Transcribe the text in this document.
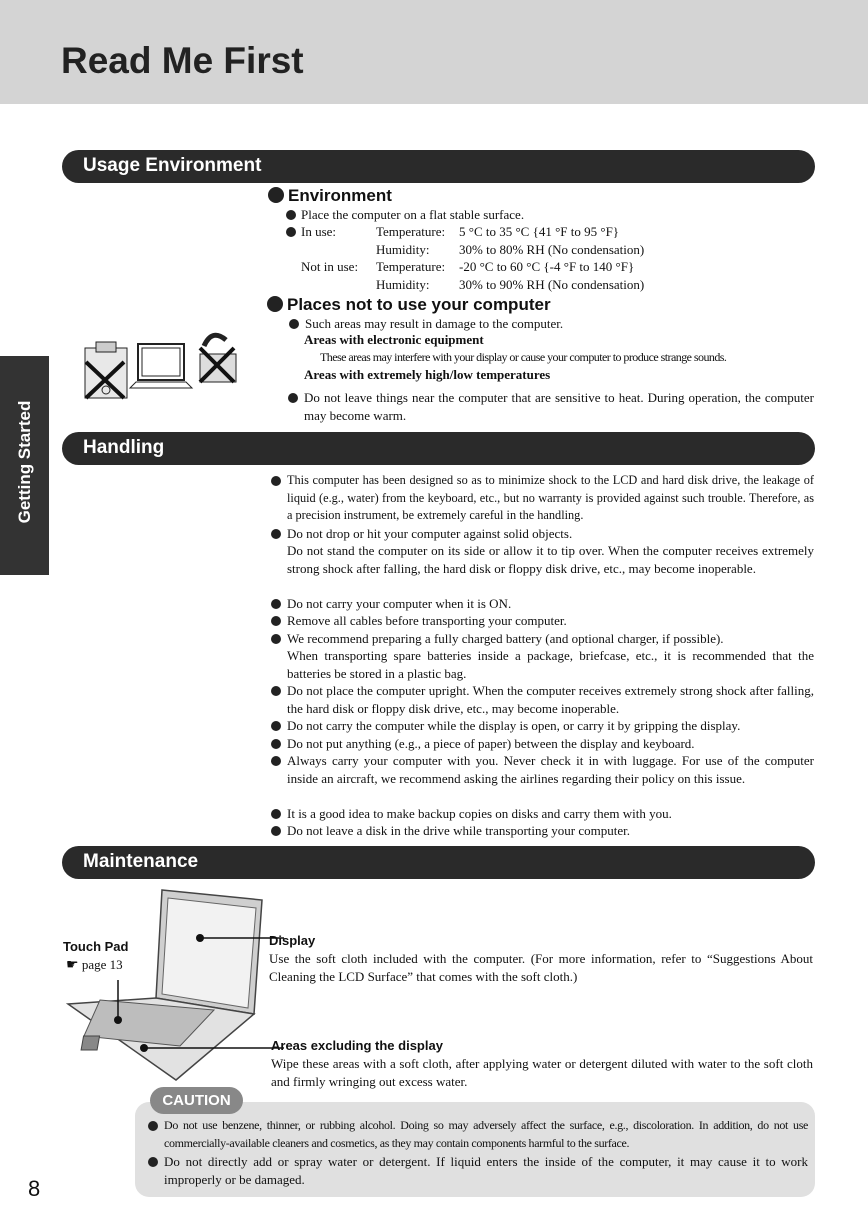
Read Me First
Getting Started
Usage Environment
Environment
Place the computer on a flat stable surface.
In use:	Temperature: 5 °C to 35 °C {41 °F to 95 °F}
Humidity: 30% to 80% RH (No condensation)
Not in use: Temperature: -20 °C to 60 °C {-4 °F to 140 °F}
Humidity: 30% to 90% RH (No condensation)
Places not to use your computer
Such areas may result in damage to the computer.
Areas with electronic equipment
These areas may interfere with your display or cause your computer to produce strange sounds.
Areas with extremely high/low temperatures
Do not leave things near the computer that are sensitive to heat. During operation, the computer may become warm.
Handling
This computer has been designed so as to minimize shock to the LCD and hard disk drive, the leakage of liquid (e.g., water) from the keyboard, etc., but no warranty is provided against such trouble. Therefore, as a precision instrument, be extremely careful in the handling.
Do not drop or hit your computer against solid objects.
Do not stand the computer on its side or allow it to tip over. When the computer receives extremely strong shock after falling, the hard disk or floppy disk drive, etc., may become inoperable.
Do not carry your computer when it is ON.
Remove all cables before transporting your computer.
We recommend preparing a fully charged battery (and optional charger, if possible).
When transporting spare batteries inside a package, briefcase, etc., it is recommended that the batteries be stored in a plastic bag.
Do not place the computer upright. When the computer receives extremely strong shock after falling, the hard disk or floppy disk drive, etc., may become inoperable.
Do not carry the computer while the display is open, or carry it by gripping the display.
Do not put anything (e.g., a piece of paper) between the display and keyboard.
Always carry your computer with you. Never check it in with luggage. For use of the computer inside an aircraft, we recommend asking the airlines regarding their policy on this issue.
It is a good idea to make backup copies on disks and carry them with you.
Do not leave a disk in the drive while transporting your computer.
Maintenance
Touch Pad
☛ page 13
Display
Use the soft cloth included with the computer. (For more information, refer to “Suggestions About Cleaning the LCD Surface” that comes with the soft cloth.)
Areas excluding the display
Wipe these areas with a soft cloth, after applying water or detergent diluted with water to the soft cloth and firmly wringing out excess water.
CAUTION
Do not use benzene, thinner, or rubbing alcohol. Doing so may adversely affect the surface, e.g., discoloration. In addition, do not use commercially-available cleaners and cosmetics, as they may contain components harmful to the surface.
Do not directly add or spray water or detergent. If liquid enters the inside of the computer, it may cause it to work improperly or be damaged.
8
